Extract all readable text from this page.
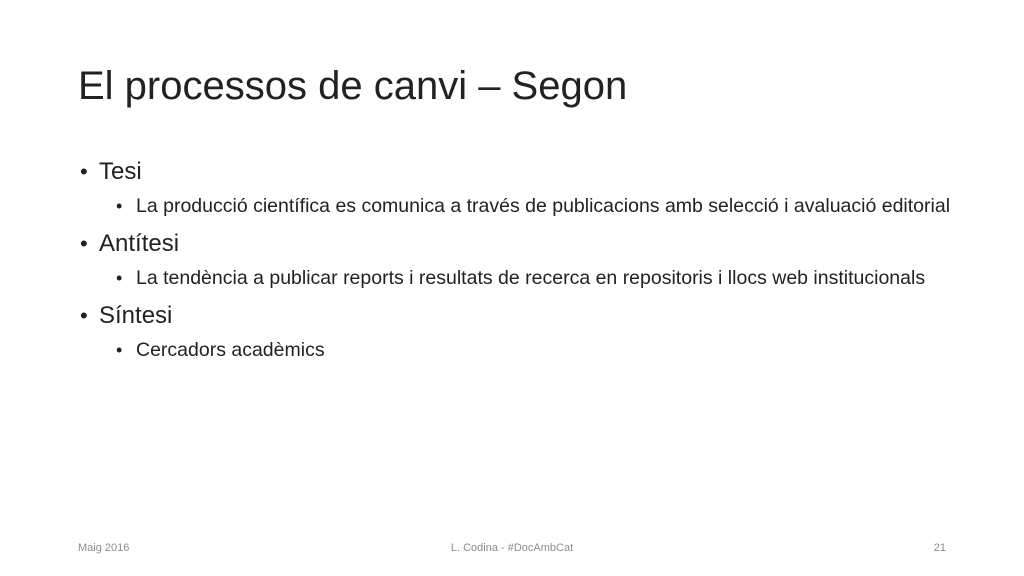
El processos de canvi – Segon
• Tesi
• La producció científica es comunica a través de publicacions amb selecció i avaluació editorial
• Antítesi
• La tendència a publicar reports i resultats de recerca en repositoris i llocs web institucionals
• Síntesi
• Cercadors acadèmics
Maig 2016	L. Codina - #DocAmbCat	21
